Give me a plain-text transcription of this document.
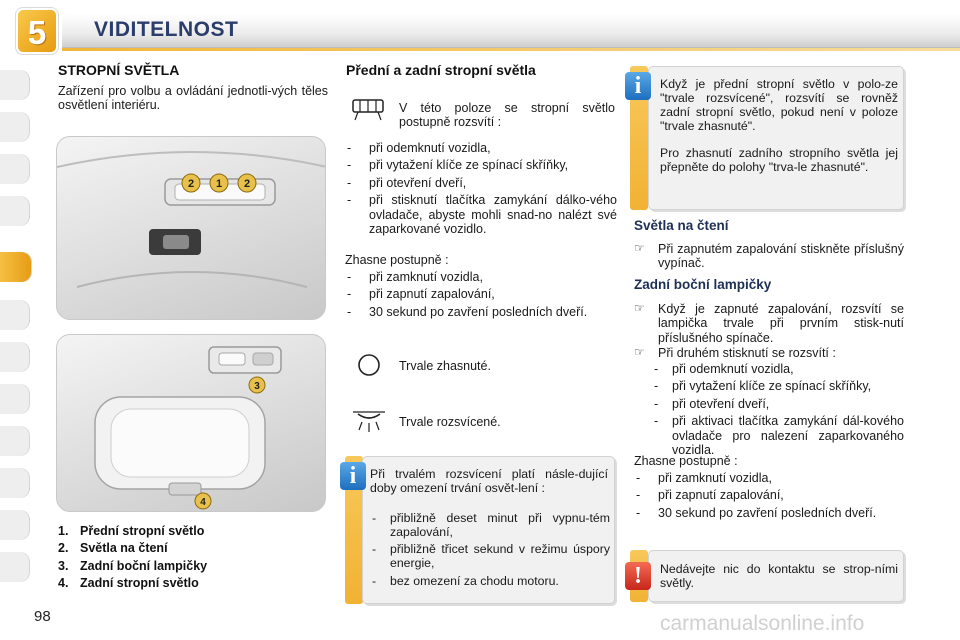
5	VIDITELNOST
STROPNÍ SVĚTLA
Zařízení pro volbu a ovládání jednotli-vých těles osvětlení interiéru.
2 1 2
3
4
1. Přední stropní světlo
2. Světla na čtení
3. Zadní boční lampičky
4. Zadní stropní světlo
98
Přední a zadní stropní světla
V této poloze se stropní světlo postupně rozsvítí :
- při odemknutí vozidla,
- při vytažení klíče ze spínací skříňky,
- při otevření dveří,
- při stisknutí tlačítka zamykání dálko-vého ovladače, abyste mohli snad-no nalézt své zaparkované vozidlo.
Zhasne postupně :
- při zamknutí vozidla,
- při zapnutí zapalování,
- 30 sekund po zavření posledních dveří.
Trvale zhasnuté.
Trvale rozsvícené.
i	Při trvalém rozsvícení platí násle-dující doby omezení trvání osvět-lení :
- přibližně deset minut při vypnu-tém zapalování,
- přibližně třicet sekund v režimu úspory energie,
- bez omezení za chodu motoru.
i	Když je přední stropní světlo v polo-ze "trvale rozsvícené", rozsvítí se rovněž zadní stropní světlo, pokud není v poloze "trvale zhasnuté".
Pro zhasnutí zadního stropního světla jej přepněte do polohy "trva-le zhasnuté".
Světla na čtení
☞ Při zapnutém zapalování stiskněte příslušný vypínač.
Zadní boční lampičky
☞ Když je zapnuté zapalování, rozsvítí se lampička trvale při prvním stisk-nutí příslušného spínače.
☞ Při druhém stisknutí se rozsvítí :
- při odemknutí vozidla,
- při vytažení klíče ze spínací skříňky,
- při otevření dveří,
- při aktivaci tlačítka zamykání dál-kového ovladače pro nalezení zaparkovaného vozidla.
Zhasne postupně :
- při zamknutí vozidla,
- při zapnutí zapalování,
- 30 sekund po zavření posledních dveří.
!	Nedávejte nic do kontaktu se strop-ními světly.
carmanualsonline.info
